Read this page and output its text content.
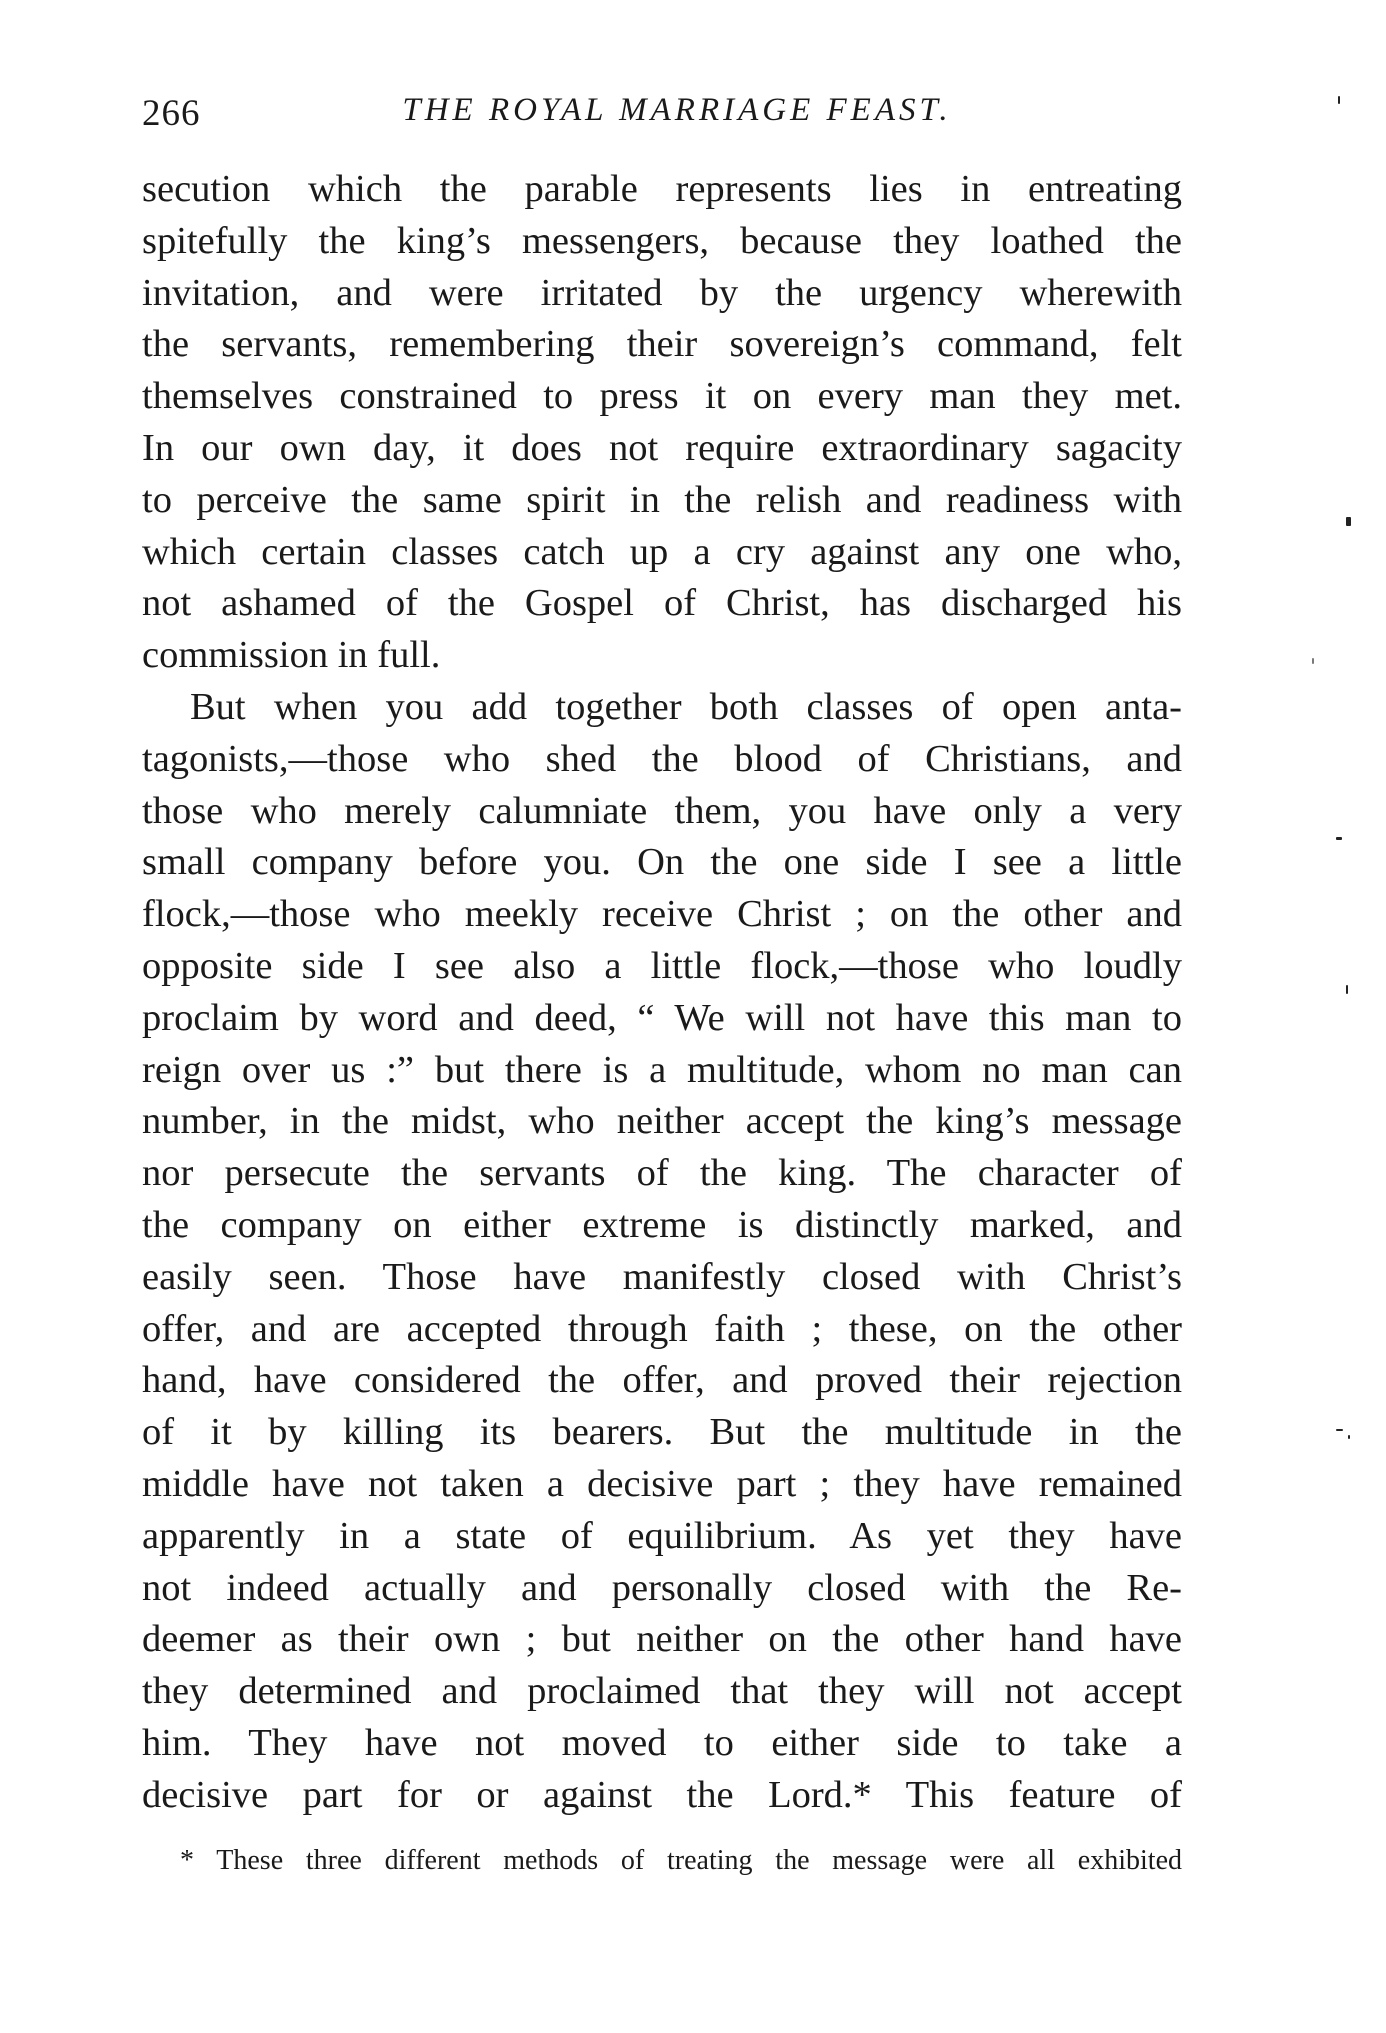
266	THE ROYAL MARRIAGE FEAST.
secution which the parable represents lies in entreating
spitefully the king’s messengers, because they loathed the
invitation, and were irritated by the urgency wherewith
the servants, remembering their sovereign’s command, felt
themselves constrained to press it on every man they met.
In our own day, it does not require extraordinary sagacity
to perceive the same spirit in the relish and readiness with
which certain classes catch up a cry against any one who,
not ashamed of the Gospel of Christ, has discharged his
commission in full.
But when you add together both classes of open anta-
tagonists,—those who shed the blood of Christians, and
those who merely calumniate them, you have only a very
small company before you. On the one side I see a little
flock,—those who meekly receive Christ ; on the other and
opposite side I see also a little flock,—those who loudly
proclaim by word and deed, “ We will not have this man to
reign over us :” but there is a multitude, whom no man can
number, in the midst, who neither accept the king’s message
nor persecute the servants of the king. The character of
the company on either extreme is distinctly marked, and
easily seen. Those have manifestly closed with Christ’s
offer, and are accepted through faith ; these, on the other
hand, have considered the offer, and proved their rejection
of it by killing its bearers. But the multitude in the
middle have not taken a decisive part ; they have remained
apparently in a state of equilibrium. As yet they have
not indeed actually and personally closed with the Re-
deemer as their own ; but neither on the other hand have
they determined and proclaimed that they will not accept
him. They have not moved to either side to take a
decisive part for or against the Lord.* This feature of
* These three different methods of treating the message were all exhibited
